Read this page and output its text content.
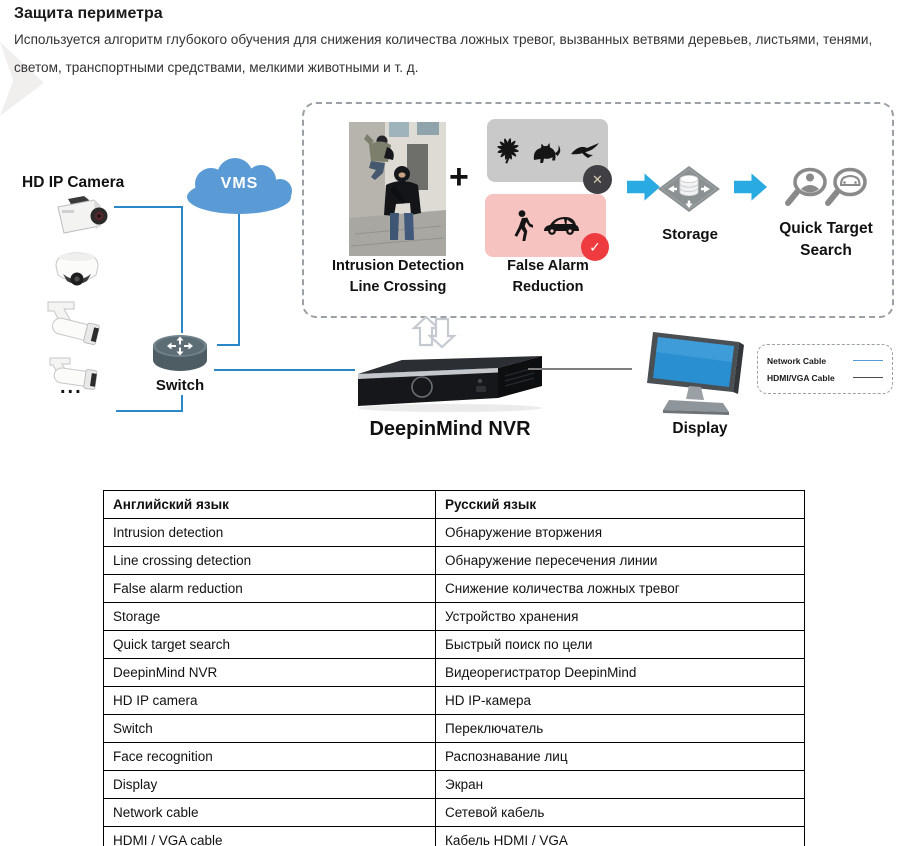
Защита периметра
Используется алгоритм глубокого обучения для снижения количества ложных тревог, вызванных ветвями деревьев, листьями, тенями, светом, транспортными средствами, мелкими животными и т. д.
HD IP Camera
...
VMS
Switch
Intrusion Detection
Line Crossing
+	✕
✓
False Alarm
Reduction
Storage	Quick Target
Search
DeepinMind NVR	Display
Network Cable
HDMI/VGA Cable
Английский язык	Русский язык
Intrusion detection	Обнаружение вторжения
Line crossing detection	Обнаружение пересечения линии
False alarm reduction	Снижение количества ложных тревог
Storage	Устройство хранения
Quick target search	Быстрый поиск по цели
DeepinMind NVR	Видеорегистратор DeepinMind
HD IP camera	HD IP-камера
Switch	Переключатель
Face recognition	Распознавание лиц
Display	Экран
Network cable	Сетевой кабель
HDMI / VGA cable	Кабель HDMI / VGA
